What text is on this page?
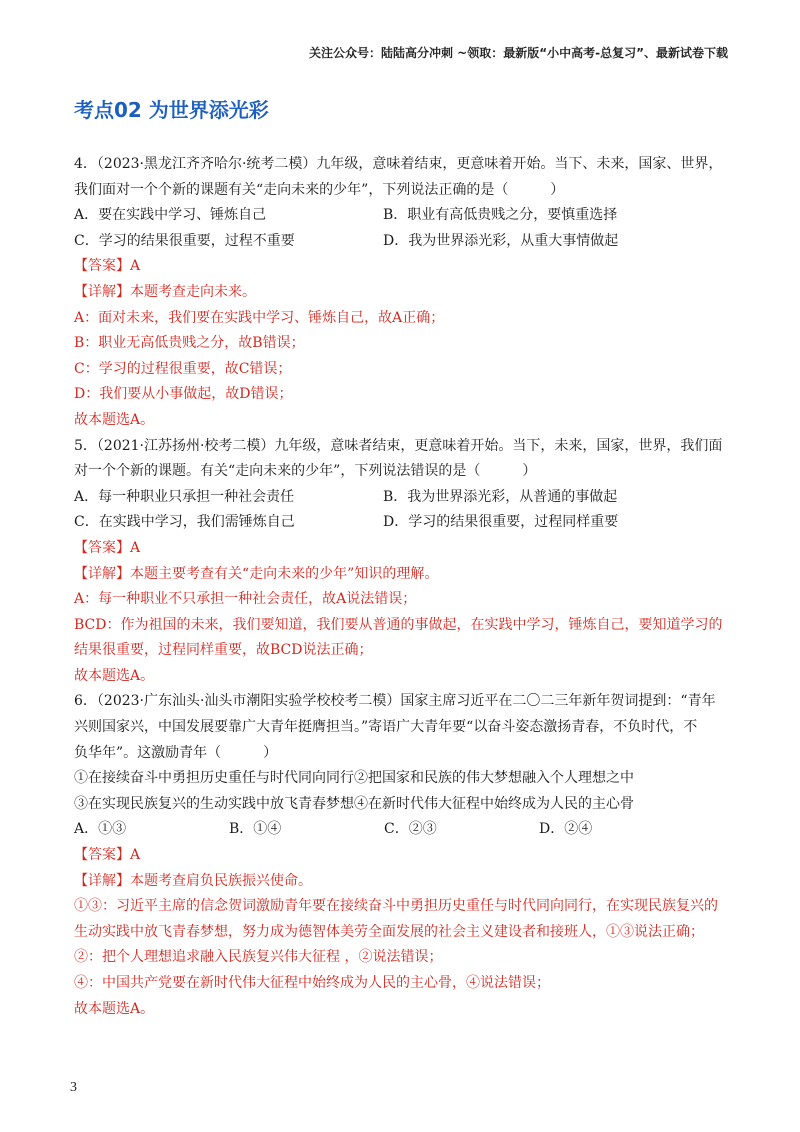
关注公众号：陆陆高分冲刺 ~领取：最新版“小中高考-总复习”、最新试卷下载
考点02 为世界添光彩
4．（2023·黑龙江齐齐哈尔·统考二模）九年级，意味着结束，更意味着开始。当下、未来，国家、世界，
我们面对一个个新的课题有关“走向未来的少年”，下列说法正确的是（　　　）
A．要在实践中学习、锤炼自己	B．职业有高低贵贱之分，要慎重选择
C．学习的结果很重要，过程不重要	D．我为世界添光彩，从重大事情做起
【答案】A
【详解】本题考查走向未来。
A：面对未来，我们要在实践中学习、锤炼自己，故A正确；
B：职业无高低贵贱之分，故B错误；
C：学习的过程很重要，故C错误；
D：我们要从小事做起，故D错误；
故本题选A。
5．（2021·江苏扬州·校考二模）九年级，意味者结束，更意味着开始。当下，未来，国家，世界，我们面
对一个个新的课题。有关“走向未来的少年”，下列说法错误的是（　　　）
A．每一种职业只承担一种社会责任	B．我为世界添光彩，从普通的事做起
C．在实践中学习，我们需锤炼自己	D．学习的结果很重要，过程同样重要
【答案】A
【详解】本题主要考查有关“走向未来的少年”知识的理解。
A：每一种职业不只承担一种社会责任，故A说法错误；
BCD：作为祖国的未来，我们要知道，我们要从普通的事做起，在实践中学习，锤炼自己，要知道学习的
结果很重要，过程同样重要，故BCD说法正确；
故本题选A。
6．（2023·广东汕头·汕头市潮阳实验学校校考二模）国家主席习近平在二〇二三年新年贺词提到：“青年
兴则国家兴，中国发展要靠广大青年挺膺担当。”寄语广大青年要“以奋斗姿态激扬青春，不负时代，不
负华年”。这激励青年（　　　）
①在接续奋斗中勇担历史重任与时代同向同行②把国家和民族的伟大梦想融入个人理想之中
③在实现民族复兴的生动实践中放飞青春梦想④在新时代伟大征程中始终成为人民的主心骨
A．①③	B．①④	C．②③	D．②④
【答案】A
【详解】本题考查肩负民族振兴使命。
①③：习近平主席的信念贺词激励青年要在接续奋斗中勇担历史重任与时代同向同行，在实现民族复兴的
生动实践中放飞青春梦想，努力成为德智体美劳全面发展的社会主义建设者和接班人，①③说法正确；
②：把个人理想追求融入民族复兴伟大征程 ，②说法错误；
④：中国共产党要在新时代伟大征程中始终成为人民的主心骨，④说法错误；
故本题选A。
3
